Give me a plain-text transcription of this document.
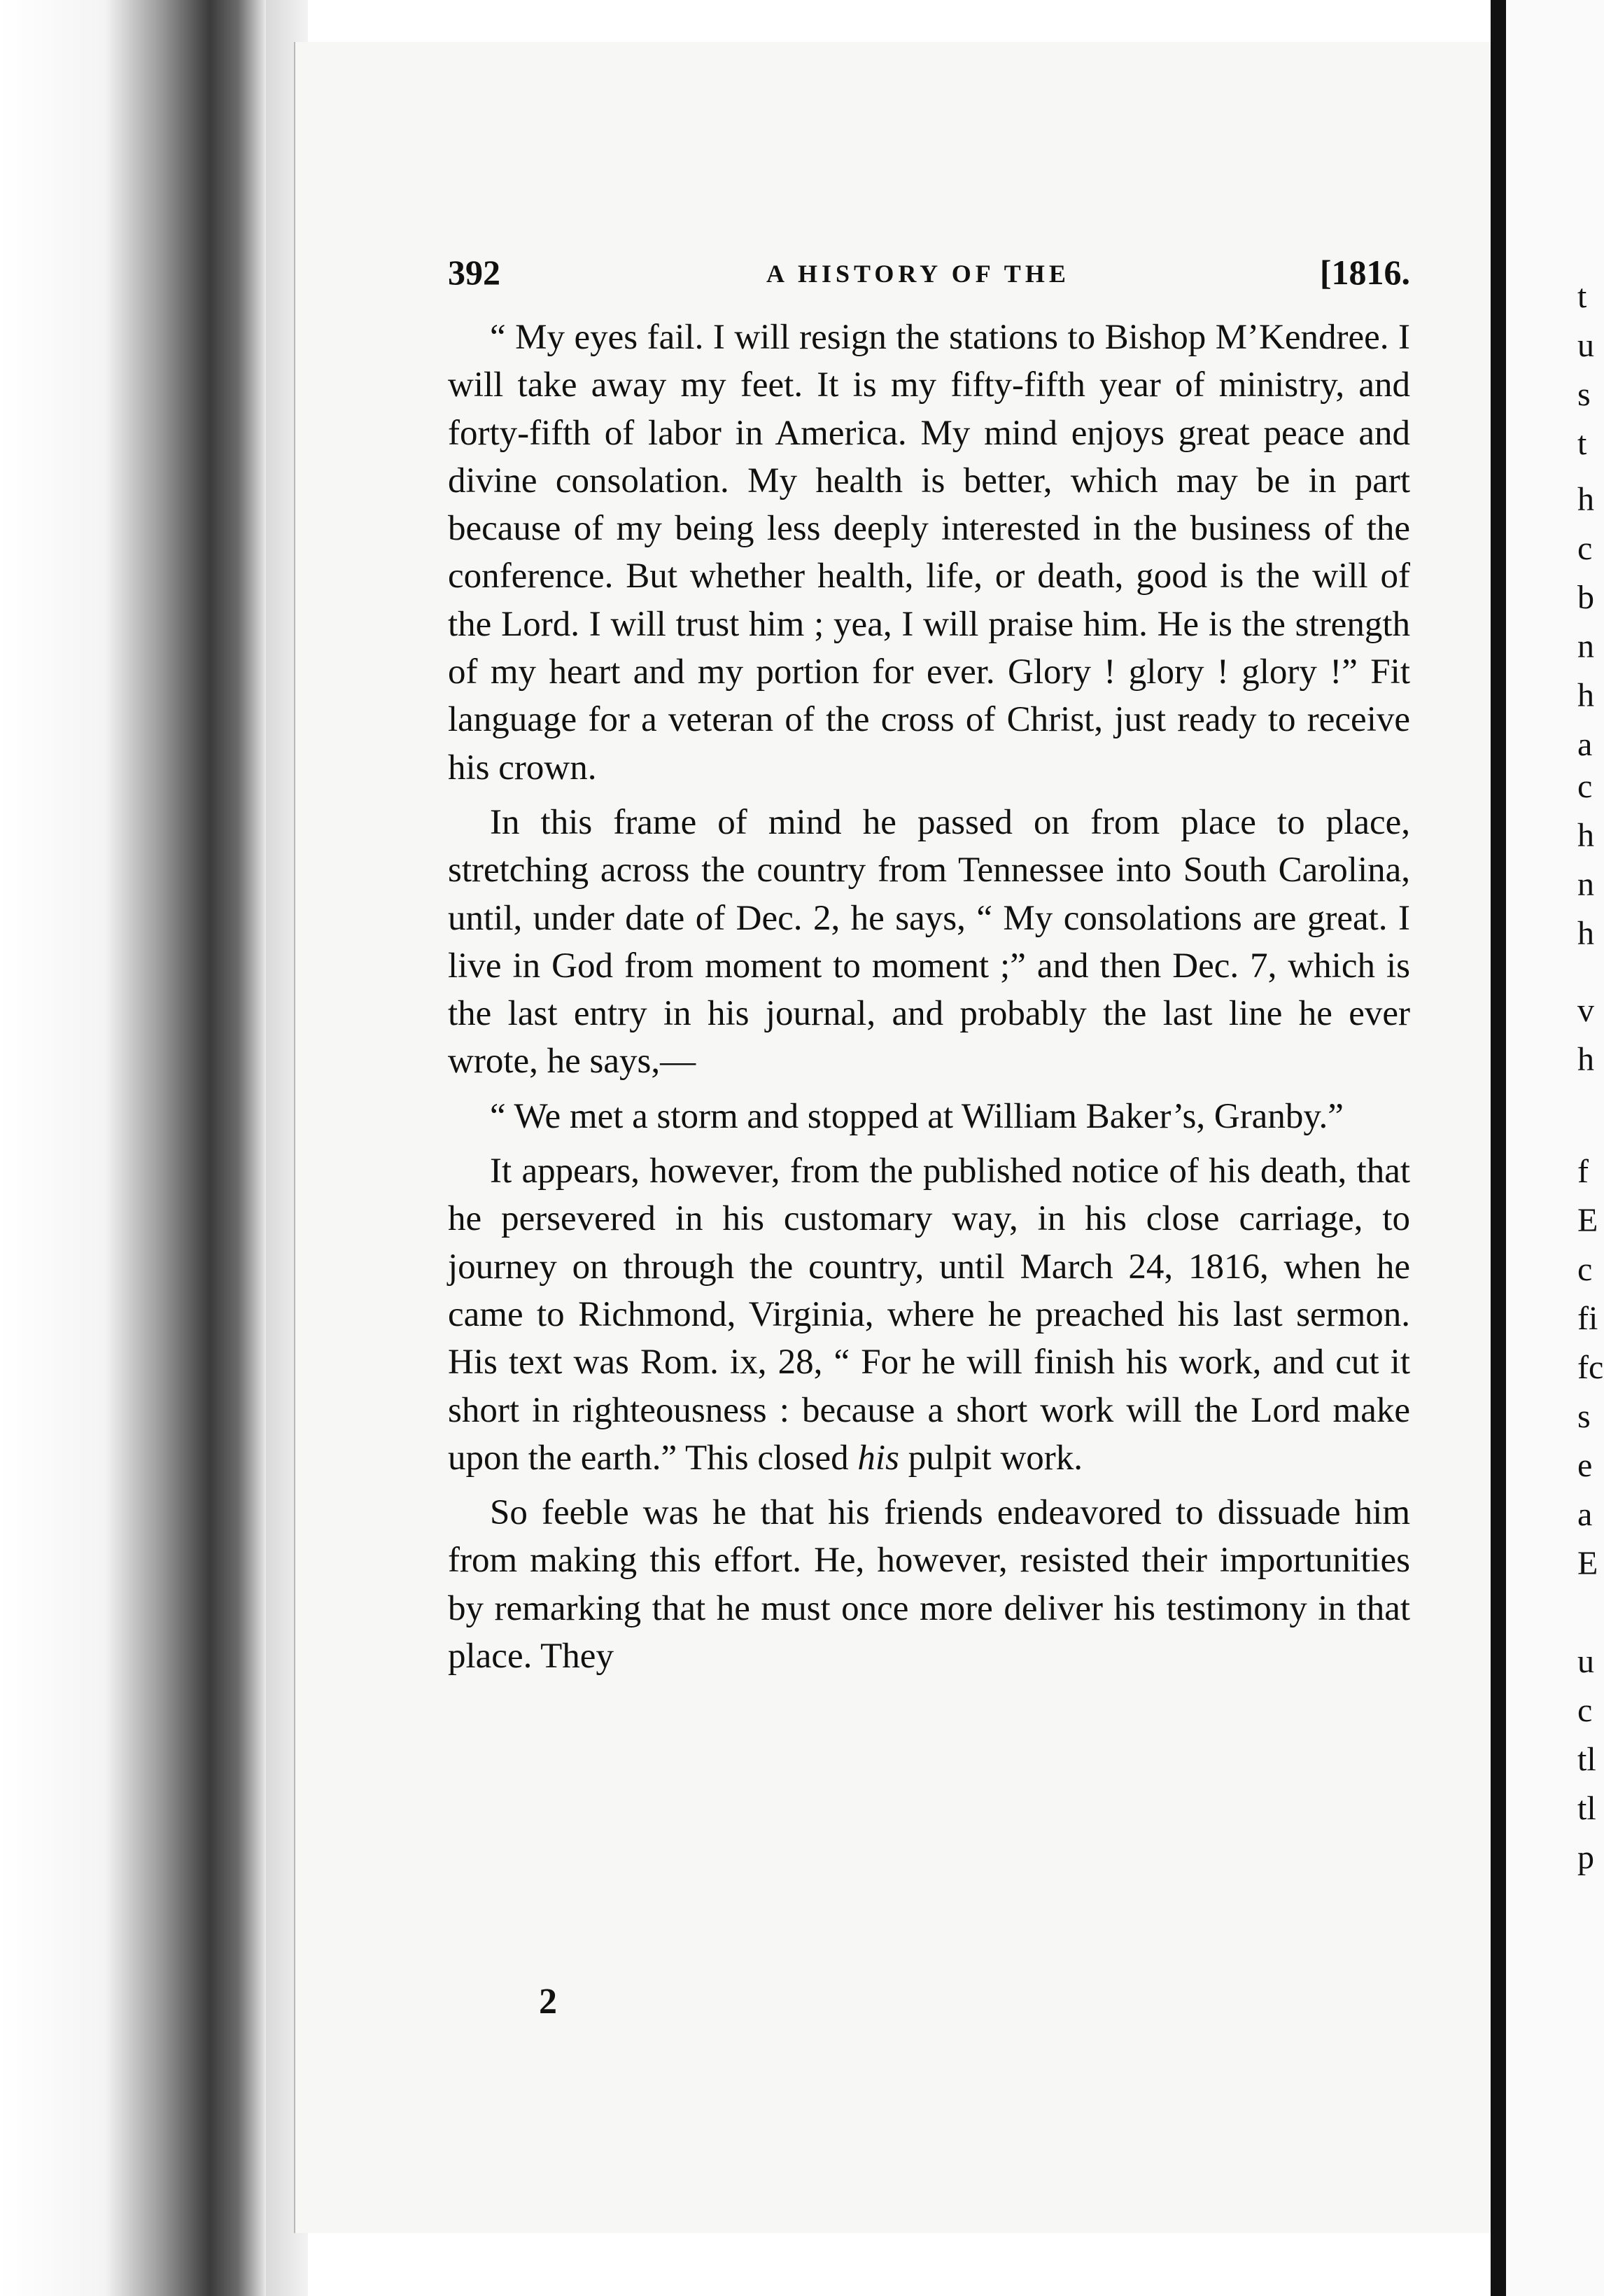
392	A HISTORY OF THE	[1816.

“ My eyes fail. I will resign the stations to Bishop M’Kendree. I will take away my feet. It is my fifty-fifth year of ministry, and forty-fifth of labor in America. My mind enjoys great peace and divine consolation. My health is better, which may be in part because of my being less deeply interested in the business of the conference. But whether health, life, or death, good is the will of the Lord. I will trust him ; yea, I will praise him. He is the strength of my heart and my portion for ever. Glory ! glory ! glory !” Fit language for a veteran of the cross of Christ, just ready to receive his crown.

In this frame of mind he passed on from place to place, stretching across the country from Tennessee into South Carolina, until, under date of Dec. 2, he says, “ My consolations are great. I live in God from moment to moment ;” and then Dec. 7, which is the last entry in his journal, and probably the last line he ever wrote, he says,—

“ We met a storm and stopped at William Baker’s, Granby.”

It appears, however, from the published notice of his death, that he persevered in his customary way, in his close carriage, to journey on through the country, until March 24, 1816, when he came to Richmond, Virginia, where he preached his last sermon. His text was Rom. ix, 28, “ For he will finish his work, and cut it short in righteousness : because a short work will the Lord make upon the earth.” This closed his pulpit work.

So feeble was he that his friends endeavored to dissuade him from making this effort. He, however, resisted their importunities by remarking that he must once more deliver his testimony in that place. They

2
t
u
s
t
h
c
b
n
h
a
c
h
n
h
v
h
f
E
c
fi
fc
s
e
a
E
u
c
tl
tl
p
